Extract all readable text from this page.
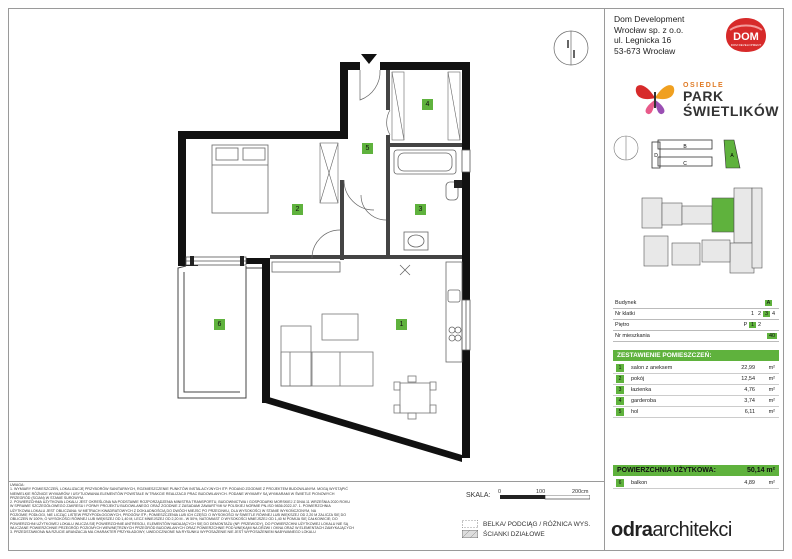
1
2	3
4
5
6
Dom Development
Wrocław sp. z o.o.
ul. Legnicka 16
53-673 Wrocław
DOM
DOM DEVELOPMENT
OSIEDLE
PARK
ŚWIETLIKÓW
B
C
D	A
Budynek	A
Nr klatki	1 2 3 4
Piętro	P 1 2
Nr mieszkania	40
ZESTAWIENIE POMIESZCZEŃ:
1	salon z aneksem	22,99 m²
2	pokój	12,54 m²
3	łazienka	4,76 m²
4	garderoba	3,74 m²
5	hol	6,11 m²
POWIERZCHNIA UŻYTKOWA:	50,14 m²
6	balkon	4,89 m²
UWAGA:
1. WYMIARY POMIESZCZEŃ, LOKALIZACJĘ PRZYBORÓW SANITARNYCH, ROZMIESZCZENIE PUNKTÓW INSTALACYJNYCH ITP. PODANO ZGODNIE Z PROJEKTEM BUDOWLANYM. MOGĄ WYSTĄPIĆ
NIEWIELKIE RÓŻNICE WYMIARÓW I USYTUOWANIA ELEMENTÓW POWSTAŁE W TRAKCIE REALIZACJI PRAC BUDOWLANYCH. PODANE WYMIARY SĄ WYMIARAMI W ŚWIETLE PIONOWYCH
PRZEGRÓD (SCIAN) W STANIE SUROWYM.
2. POWIERZCHNIA UŻYTKOWA LOKALU JEST OKREŚLONA NA PODSTAWIE ROZPORZĄDZENIA MINISTRA TRANSPORTU, BUDOWNICTWA I GOSPODARKI MORSKIEJ Z DNIA 11 WRZEŚNIA 2020 ROKU
W SPRAWIE SZCZEGÓŁOWEGO ZAKRESU I FORMY PROJEKTU BUDOWLANEGO ORAZ ZGODNIE Z ZASADAMI ZAWARTYMI W POLSKIEJ NORMIE PN-ISO 9836:2022-07. 1. POWIERZCHNIA
UŻYTKOWA LOKALU JEST OBLICZANA: W METRACH KWADRATOWYCH Z DOKŁADNOŚCIĄ DO DWÓCH MIEJSC PO PRZECINKU, DLA WYSOKOŚCI W STANIE WYKOŃCZONYM, NA
POZIOMIE PODŁOGI, NIE LICZĄC LISTEW PRZYPODŁOGOWYCH, PROGÓW ITP.; POMIESZCZENIA LUB ICH CZĘŚCI O WYSOKOŚCI W ŚWIETLE RÓWNEJ LUB WIĘKSZEJ OD 2,20 M ZALICZA SIĘ DO
OBLICZEŃ W 100%, O WYSOKOŚCI RÓWNEJ LUB WIĘKSZEJ OD 1,40 M, LECZ MNIEJSZEJ OD 2,20 M - W 50%, NATOMIAST O WYSOKOŚCI MNIEJSZEJ OD 1,40 M POMIJA SIĘ CAŁKOWICIE; DO
POWIERZCHNI UŻYTKOWEJ LOKALU WLICZA SIĘ POWIERZCHNIE ANTRESOLI, ELEMENTÓW NADAJĄCYCH SIĘ DO DEMONTAŻU (NP. PRZEWODY), DO POWIERZCHNI UŻYTKOWEJ LOKALU NIE SĄ
WLICZANE POWIERZCHNIE PRZEGRÓD POZIOMYCH WEWNĘTRZNYCH PRZEGRÓD BUDOWLANYCH ORAZ POWIERZCHNIE POD WNĘKĄMI NA DRZWI I OKNA ORAZ W ELEMENTACH ZAMYKAJĄCYCH
3. PRZEDSTAWIONA NA RZUCIE ARANŻACJA MA CHARAKTER PRZYKŁADOWY, UWIDOCZNIONE NA RYSUNKU WYPOSAŻENIE NIE JEST WYPOSAŻENIEM NABYWANEGO LOKALU
SKALA: 0	100	200cm
BELKA/ PODCIĄG / RÓŻNICA WYS.
ŚCIANKI DZIAŁOWE	odraarchitekci
